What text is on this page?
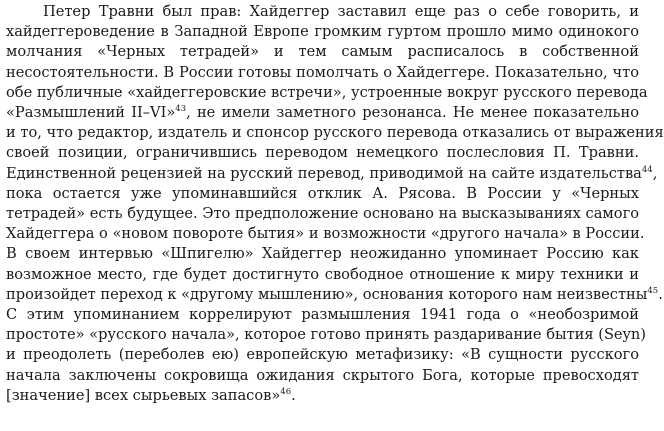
Петер Травни был прав: Хайдеггер заставил еще раз о себе говорить, и
хайдеггероведение в Западной Европе громким гуртом прошло мимо одинокого
молчания «Черных тетрадей» и тем самым расписалось в собственной
несостоятельности. В России готовы помолчать о Хайдеггере. Показательно, что
обе публичные «хайдеггеровские встречи», устроенные вокруг русского перевода
«Размышлений II–VI»$^{43}$, не имели заметного резонанса. Не менее показательно
и то, что редактор, издатель и спонсор русского перевода отказались от выражения
своей позиции, ограничившись переводом немецкого послесловия П. Травни.
Единственной рецензией на русский перевод, приводимой на сайте издательства$^{44}$,
пока остается уже упоминавшийся отклик А. Рясова. В России у «Черных
тетрадей» есть будущее. Это предположение основано на высказываниях самого
Хайдеггера о «новом повороте бытия» и возможности «другого начала» в России.
В своем интервью «Шпигелю» Хайдеггер неожиданно упоминает Россию как
возможное место, где будет достигнуто свободное отношение к миру техники и
произойдет переход к «другому мышлению», основания которого нам неизвестны$^{45}$.
С этим упоминанием коррелируют размышления 1941 года о «необозримой
простоте» «русского начала», которое готово принять раздаривание бытия (Seyn)
и преодолеть (переболев ею) европейскую метафизику: «В сущности русского
начала заключены сокровища ожидания скрытого Бога, которые превосходят
[значение] всех сырьевых запасов»$^{46}$.
